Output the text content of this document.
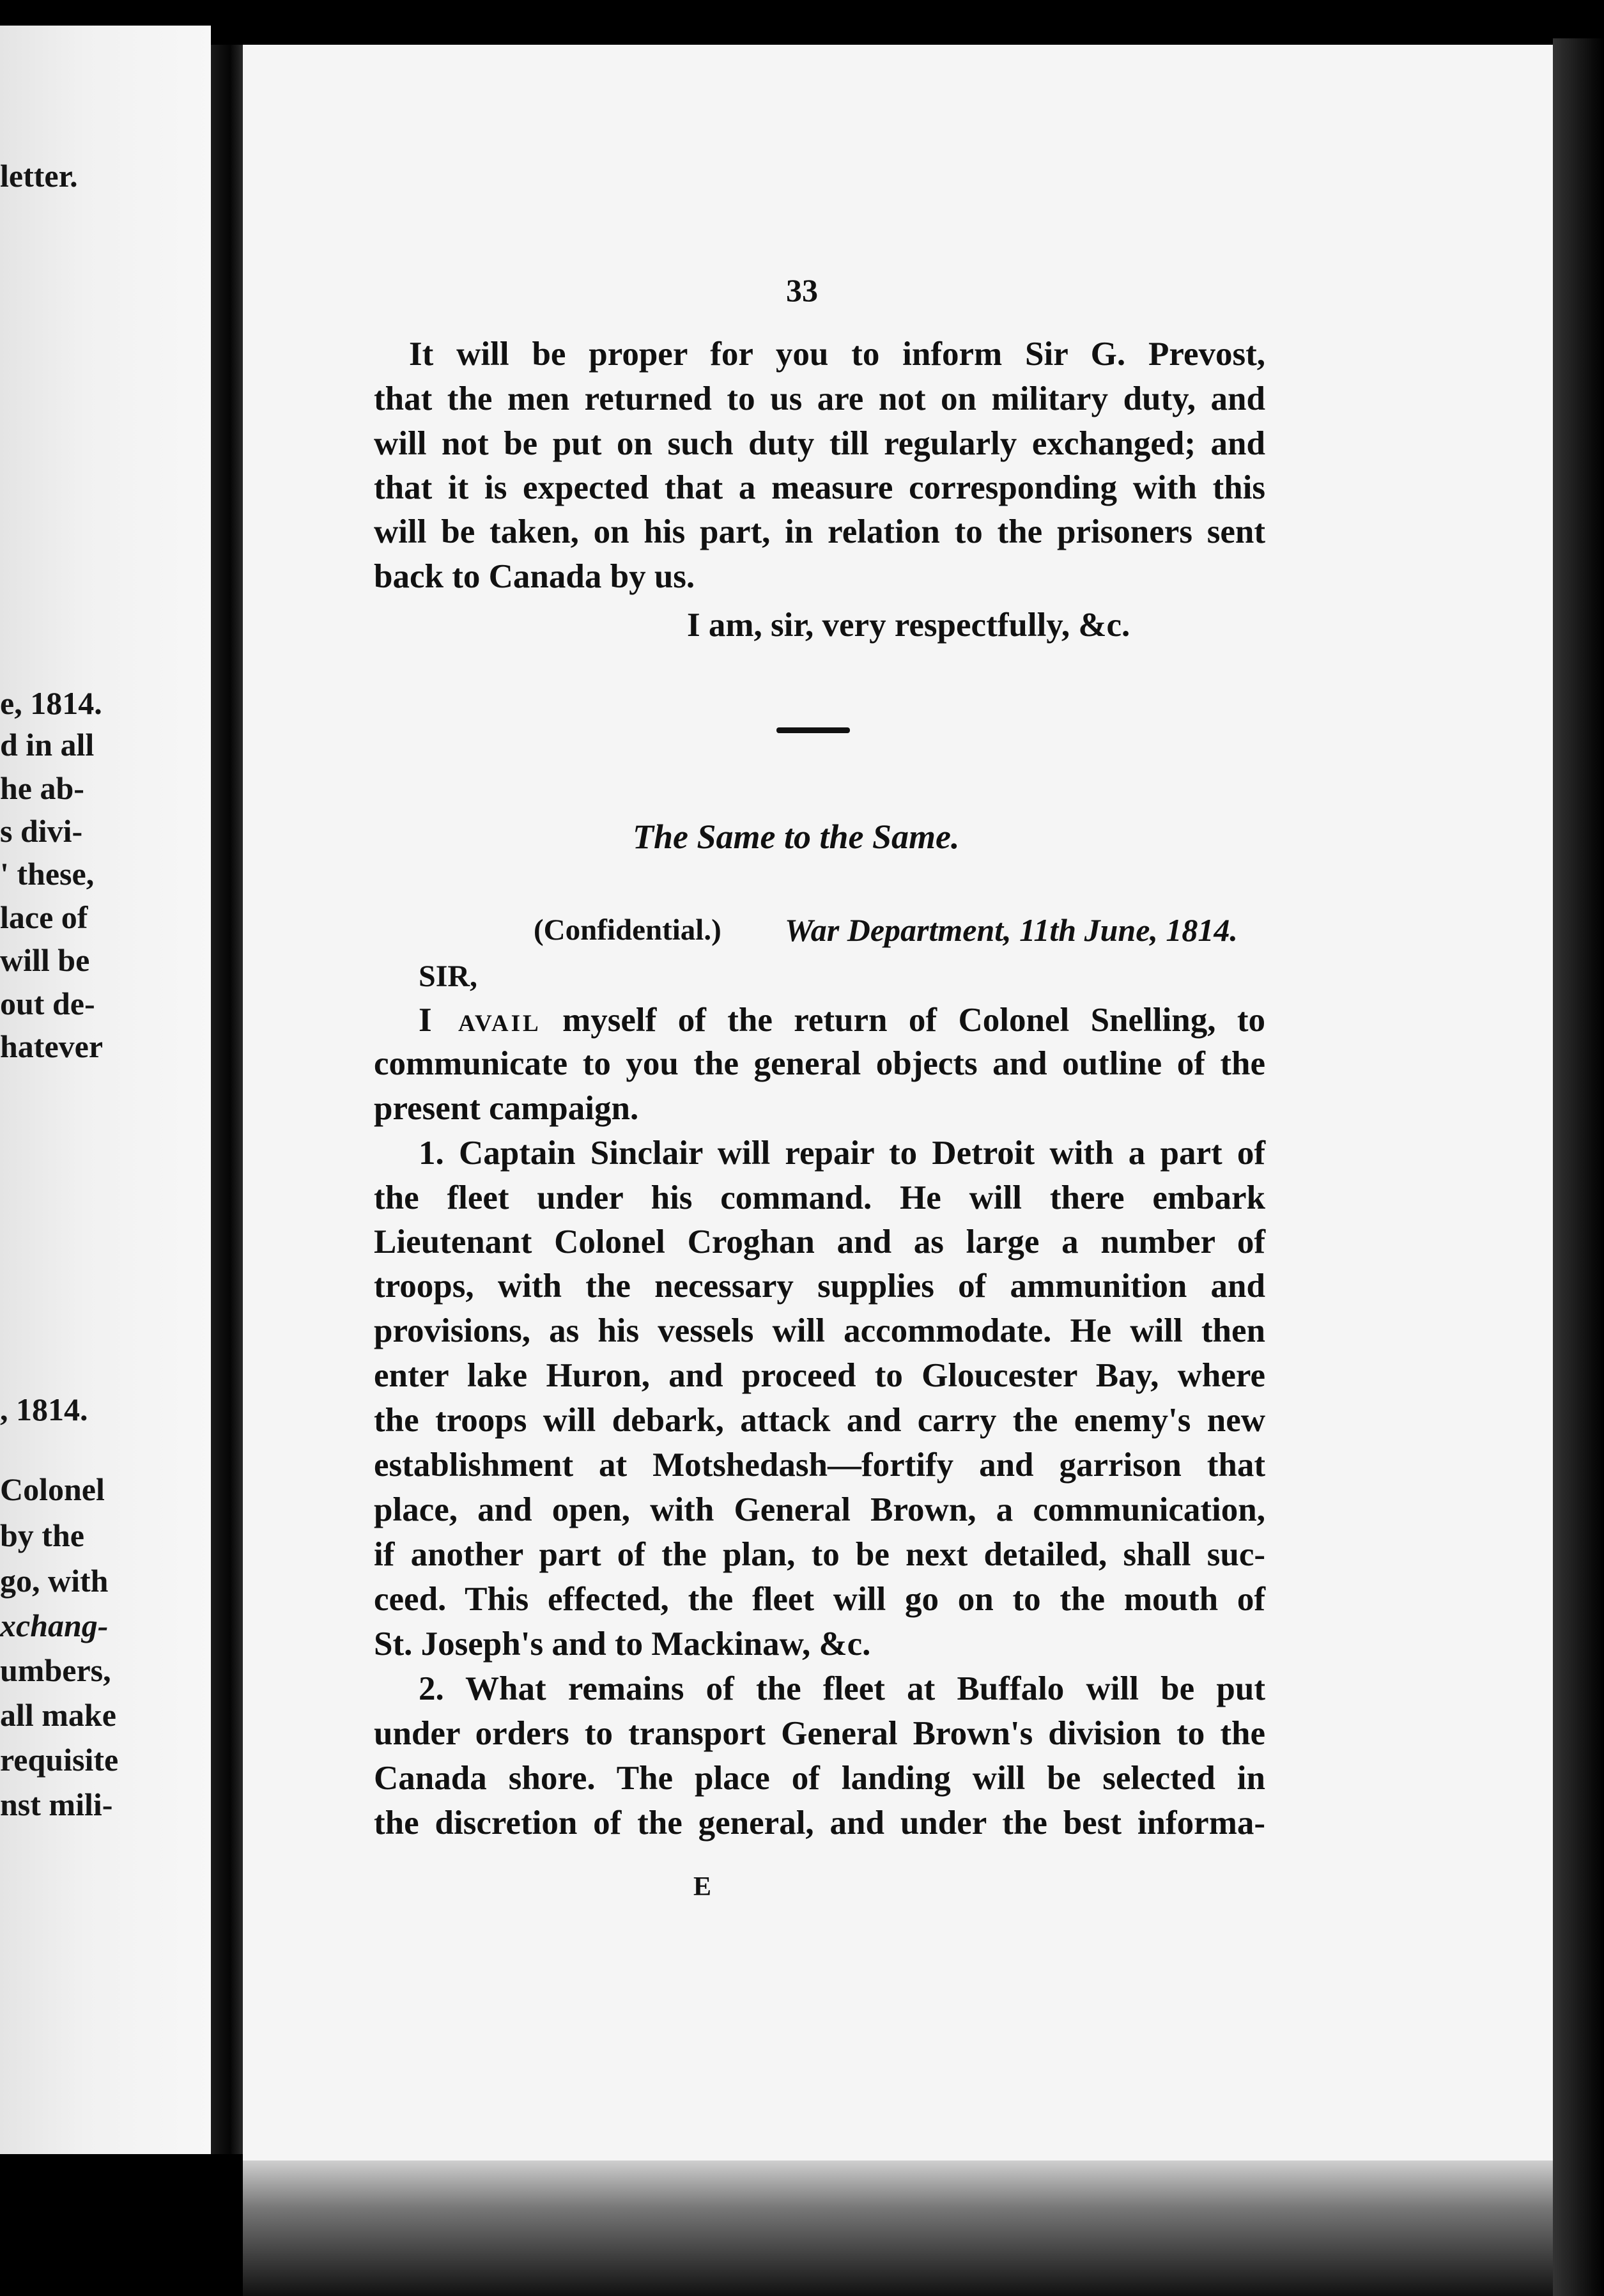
letter.
e, 1814.
d in all
he ab-
s divi-
' these,
lace of
will be
out de-
hatever
, 1814.
Colonel
by the
go, with
xchang-
umbers,
all make
requisite
nst mili-
33
It will be proper for you to inform Sir G. Prevost,
that the men returned to us are not on military duty, and
will not be put on such duty till regularly exchanged; and
that it is expected that a measure corresponding with this
will be taken, on his part, in relation to the prisoners sent
back to Canada by us.
I am, sir, very respectfully, &c.
The Same to the Same.
(Confidential.) War Department, 11th June, 1814.
SIR,
I avail myself of the return of Colonel Snelling, to
communicate to you the general objects and outline of the
present campaign.
1. Captain Sinclair will repair to Detroit with a part of
the fleet under his command. He will there embark
Lieutenant Colonel Croghan and as large a number of
troops, with the necessary supplies of ammunition and
provisions, as his vessels will accommodate. He will then
enter lake Huron, and proceed to Gloucester Bay, where
the troops will debark, attack and carry the enemy's new
establishment at Motshedash—fortify and garrison that
place, and open, with General Brown, a communication,
if another part of the plan, to be next detailed, shall suc-
ceed. This effected, the fleet will go on to the mouth of
St. Joseph's and to Mackinaw, &c.
2. What remains of the fleet at Buffalo will be put
under orders to transport General Brown's division to the
Canada shore. The place of landing will be selected in
the discretion of the general, and under the best informa-
E
